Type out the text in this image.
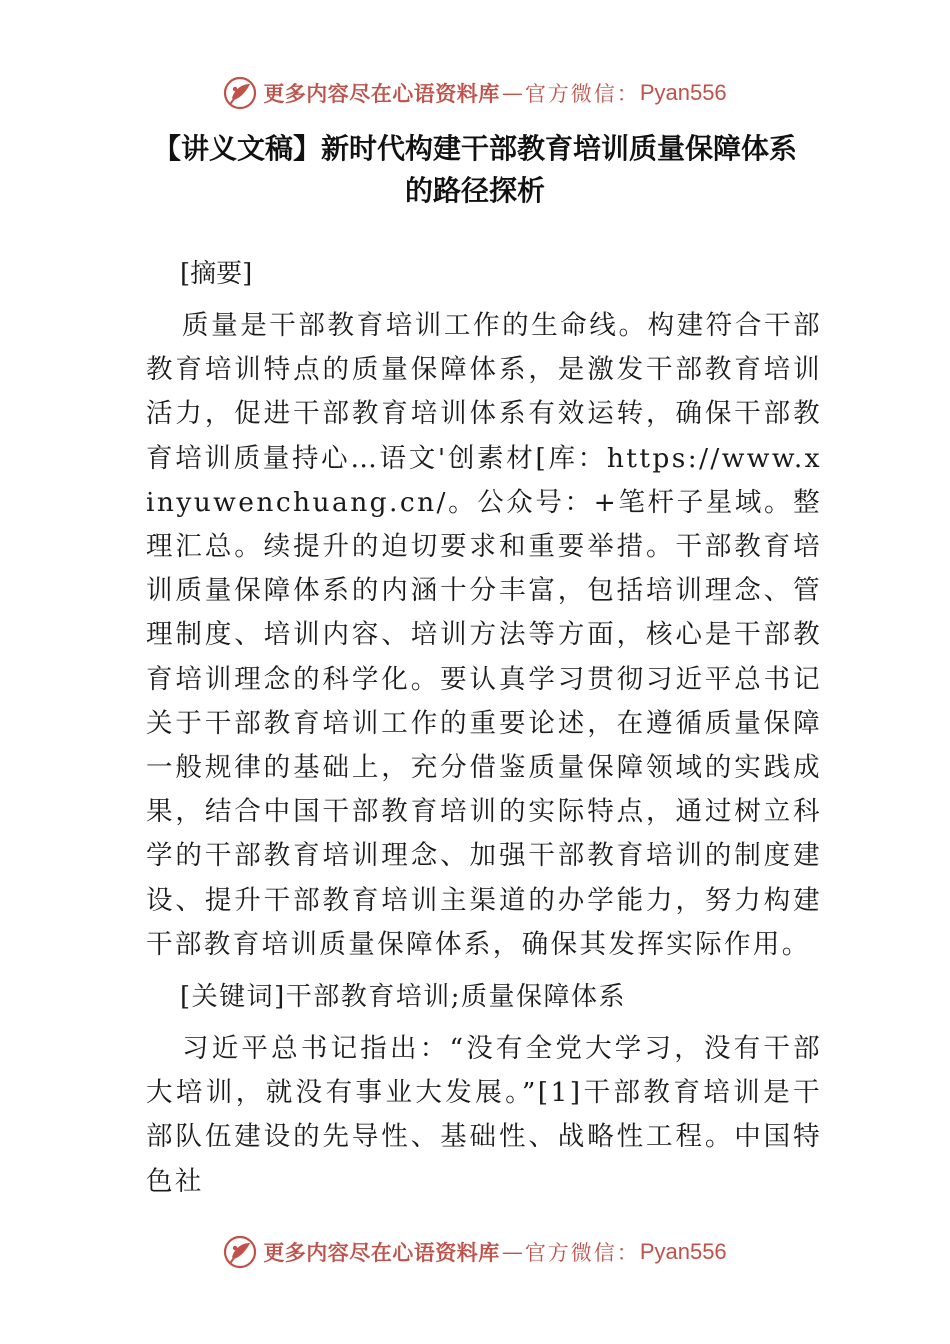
更多内容尽在心语资料库 — 官方微信： Pyan556
【讲义文稿】新时代构建干部教育培训质量保障体系的路径探析

[摘要]

质量是干部教育培训工作的生命线。构建符合干部教育培训特点的质量保障体系，是激发干部教育培训活力，促进干部教育培训体系有效运转，确保干部教育培训质量持心…语文'创素材[库：https://www.xinyuwenchuang.cn/。公众号：+笔杆子星域。整理汇总。续提升的迫切要求和重要举措。干部教育培训质量保障体系的内涵十分丰富，包括培训理念、管理制度、培训内容、培训方法等方面，核心是干部教育培训理念的科学化。要认真学习贯彻习近平总书记关于干部教育培训工作的重要论述，在遵循质量保障一般规律的基础上，充分借鉴质量保障领域的实践成果，结合中国干部教育培训的实际特点，通过树立科学的干部教育培训理念、加强干部教育培训的制度建设、提升干部教育培训主渠道的办学能力，努力构建干部教育培训质量保障体系，确保其发挥实际作用。

[关键词]干部教育培训;质量保障体系

习近平总书记指出：“没有全党大学习，没有干部大培训，就没有事业大发展。”[1]干部教育培训是干部队伍建设的先导性、基础性、战略性工程。中国特色社

更多内容尽在心语资料库 — 官方微信： Pyan556
